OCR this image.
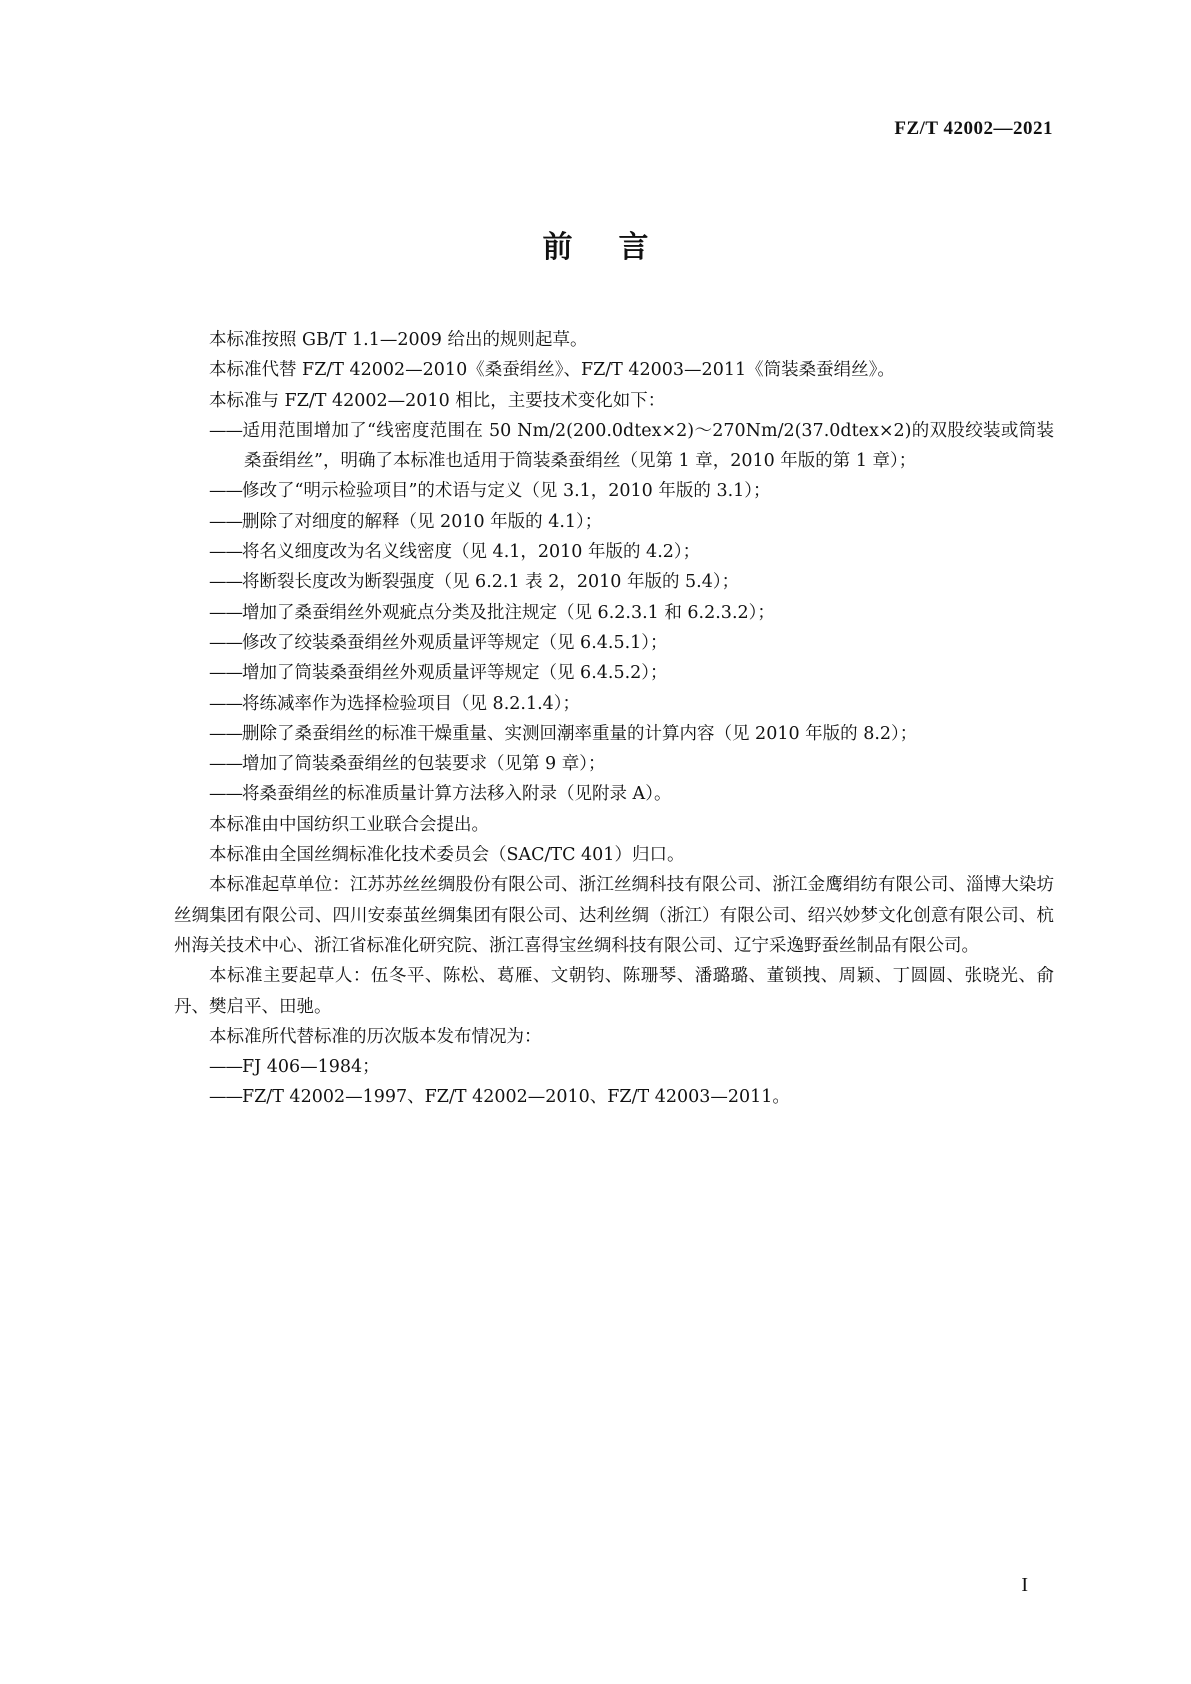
FZ/T 42002—2021
前言

本标准按照 GB/T 1.1—2009 给出的规则起草。

本标准代替 FZ/T 42002—2010《桑蚕绢丝》、FZ/T 42003—2011《筒装桑蚕绢丝》。

本标准与 FZ/T 42002—2010 相比，主要技术变化如下：

——适用范围增加了“线密度范围在 50 Nm/2(200.0dtex×2)～270Nm/2(37.0dtex×2)的双股绞装或筒装桑蚕绢丝”，明确了本标准也适用于筒装桑蚕绢丝（见第 1 章，2010 年版的第 1 章）；

——修改了“明示检验项目”的术语与定义（见 3.1，2010 年版的 3.1）；

——删除了对细度的解释（见 2010 年版的 4.1）；

——将名义细度改为名义线密度（见 4.1，2010 年版的 4.2）；

——将断裂长度改为断裂强度（见 6.2.1 表 2，2010 年版的 5.4）；

——增加了桑蚕绢丝外观疵点分类及批注规定（见 6.2.3.1 和 6.2.3.2）；

——修改了绞装桑蚕绢丝外观质量评等规定（见 6.4.5.1）；

——增加了筒装桑蚕绢丝外观质量评等规定（见 6.4.5.2）；

——将练减率作为选择检验项目（见 8.2.1.4）；

——删除了桑蚕绢丝的标准干燥重量、实测回潮率重量的计算内容（见 2010 年版的 8.2）；

——增加了筒装桑蚕绢丝的包装要求（见第 9 章）；

——将桑蚕绢丝的标准质量计算方法移入附录（见附录 A）。

本标准由中国纺织工业联合会提出。

本标准由全国丝绸标准化技术委员会（SAC/TC 401）归口。

本标准起草单位：江苏苏丝丝绸股份有限公司、浙江丝绸科技有限公司、浙江金鹰绢纺有限公司、淄博大染坊丝绸集团有限公司、四川安泰茧丝绸集团有限公司、达利丝绸（浙江）有限公司、绍兴妙梦文化创意有限公司、杭州海关技术中心、浙江省标准化研究院、浙江喜得宝丝绸科技有限公司、辽宁采逸野蚕丝制品有限公司。

本标准主要起草人：伍冬平、陈松、葛雁、文朝钧、陈珊琴、潘璐璐、董锁拽、周颖、丁圆圆、张晓光、俞丹、樊启平、田驰。

本标准所代替标准的历次版本发布情况为：

——FJ 406—1984；

——FZ/T 42002—1997、FZ/T 42002—2010、FZ/T 42003—2011。

I
